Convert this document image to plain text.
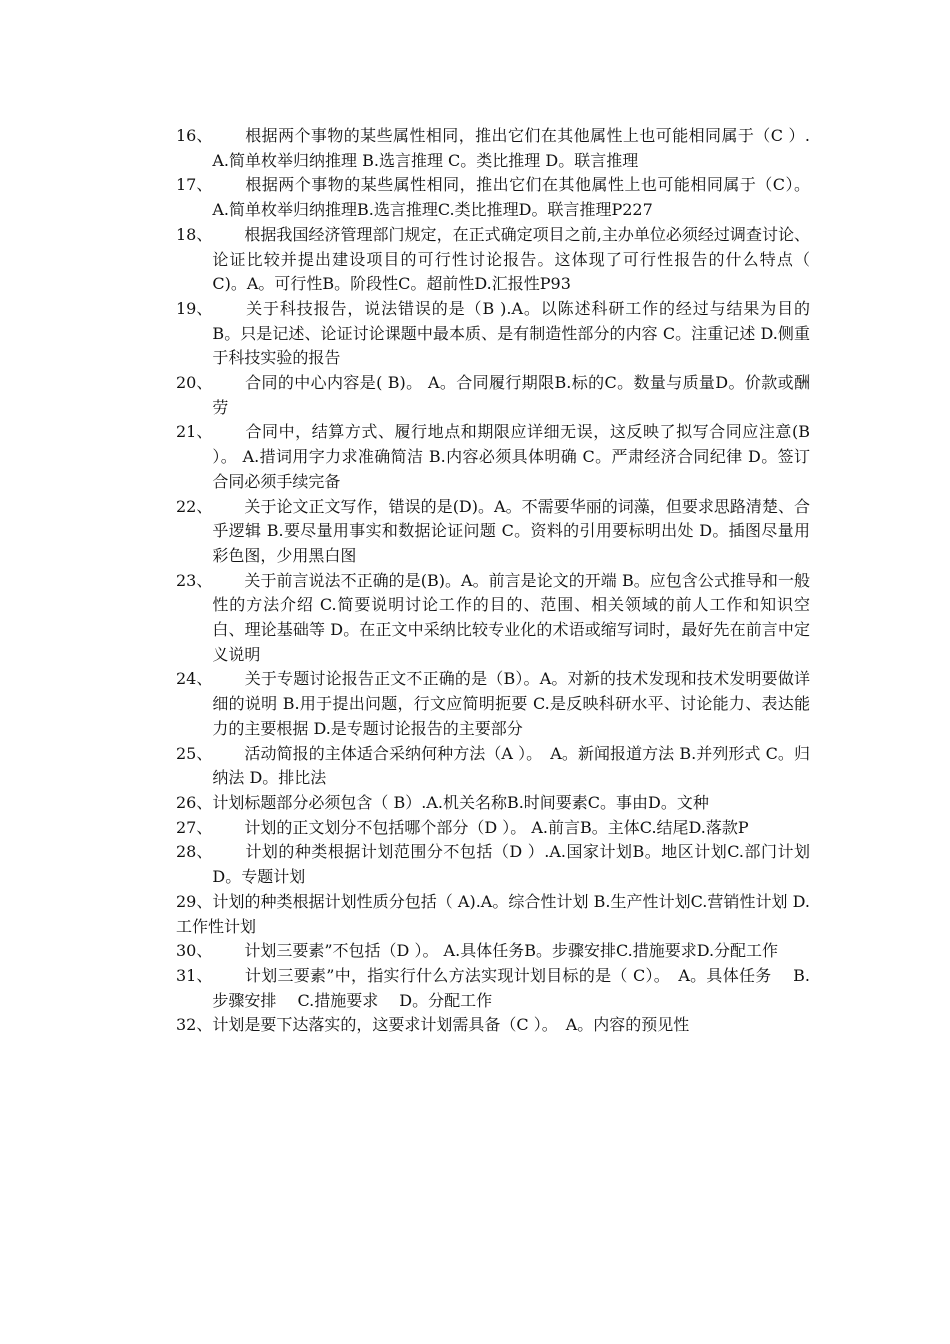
16、 　　根据两个事物的某些属性相同，推出它们在其他属性上也可能相同属于（C ）. A.简单枚举归纳推理 B.选言推理 C。类比推理 D。联言推理
17、 　　根据两个事物的某些属性相同，推出它们在其他属性上也可能相同属于（C）。 A.简单枚举归纳推理B.选言推理C.类比推理D。联言推理P227
18、 　　根据我国经济管理部门规定，在正式确定项目之前,主办单位必须经过调查讨论、论证比较并提出建设项目的可行性讨论报告。这体现了可行性报告的什么特点（ C)。A。可行性B。阶段性C。超前性D.汇报性P93
19、 　　关于科技报告，说法错误的是（B ).A。以陈述科研工作的经过与结果为目的 B。只是记述、论证讨论课题中最本质、是有制造性部分的内容 C。注重记述 D.侧重于科技实验的报告
20、 　　合同的中心内容是( B)。 A。合同履行期限B.标的C。数量与质量D。价款或酬劳
21、 　　合同中，结算方式、履行地点和期限应详细无误，这反映了拟写合同应注意(B ）。 A.措词用字力求准确简洁 B.内容必须具体明确 C。严肃经济合同纪律 D。签订合同必须手续完备
22、 　　关于论文正文写作，错误的是(D)。A。不需要华丽的词藻，但要求思路清楚、合乎逻辑 B.要尽量用事实和数据论证问题 C。资料的引用要标明出处 D。插图尽量用彩色图，少用黑白图
23、 　　关于前言说法不正确的是(B)。A。前言是论文的开端 B。应包含公式推导和一般性的方法介绍 C.简要说明讨论工作的目的、范围、相关领域的前人工作和知识空白、理论基础等 D。在正文中采纳比较专业化的术语或缩写词时，最好先在前言中定义说明
24、 　　关于专题讨论报告正文不正确的是（B）。A。对新的技术发现和技术发明要做详细的说明 B.用于提出问题，行文应简明扼要 C.是反映科研水平、讨论能力、表达能力的主要根据 D.是专题讨论报告的主要部分
25、 　　活动简报的主体适合采纳何种方法（A ）。　A。新闻报道方法 B.并列形式 C。归纳法 D。排比法
26、计划标题部分必须包含（ B）.A.机关名称B.时间要素C。事由D。文种
27、 　　计划的正文划分不包括哪个部分（D ）。 A.前言B。主体C.结尾D.落款P
28、 　　计划的种类根据计划范围分不包括（D ）.A.国家计划B。地区计划C.部门计划D。专题计划
29、计划的种类根据计划性质分包括（ A).A。综合性计划 B.生产性计划C.营销性计划 D.工作性计划
30、 　　计划三要素”不包括（D ）。 A.具体任务B。步骤安排C.措施要求D.分配工作
31、 　　计划三要素”中，指实行什么方法实现计划目标的是（ C）。　A。具体任务　 B.步骤安排　 C.措施要求　 D。分配工作
32、计划是要下达落实的，这要求计划需具备（C ）。　A。内容的预见性
